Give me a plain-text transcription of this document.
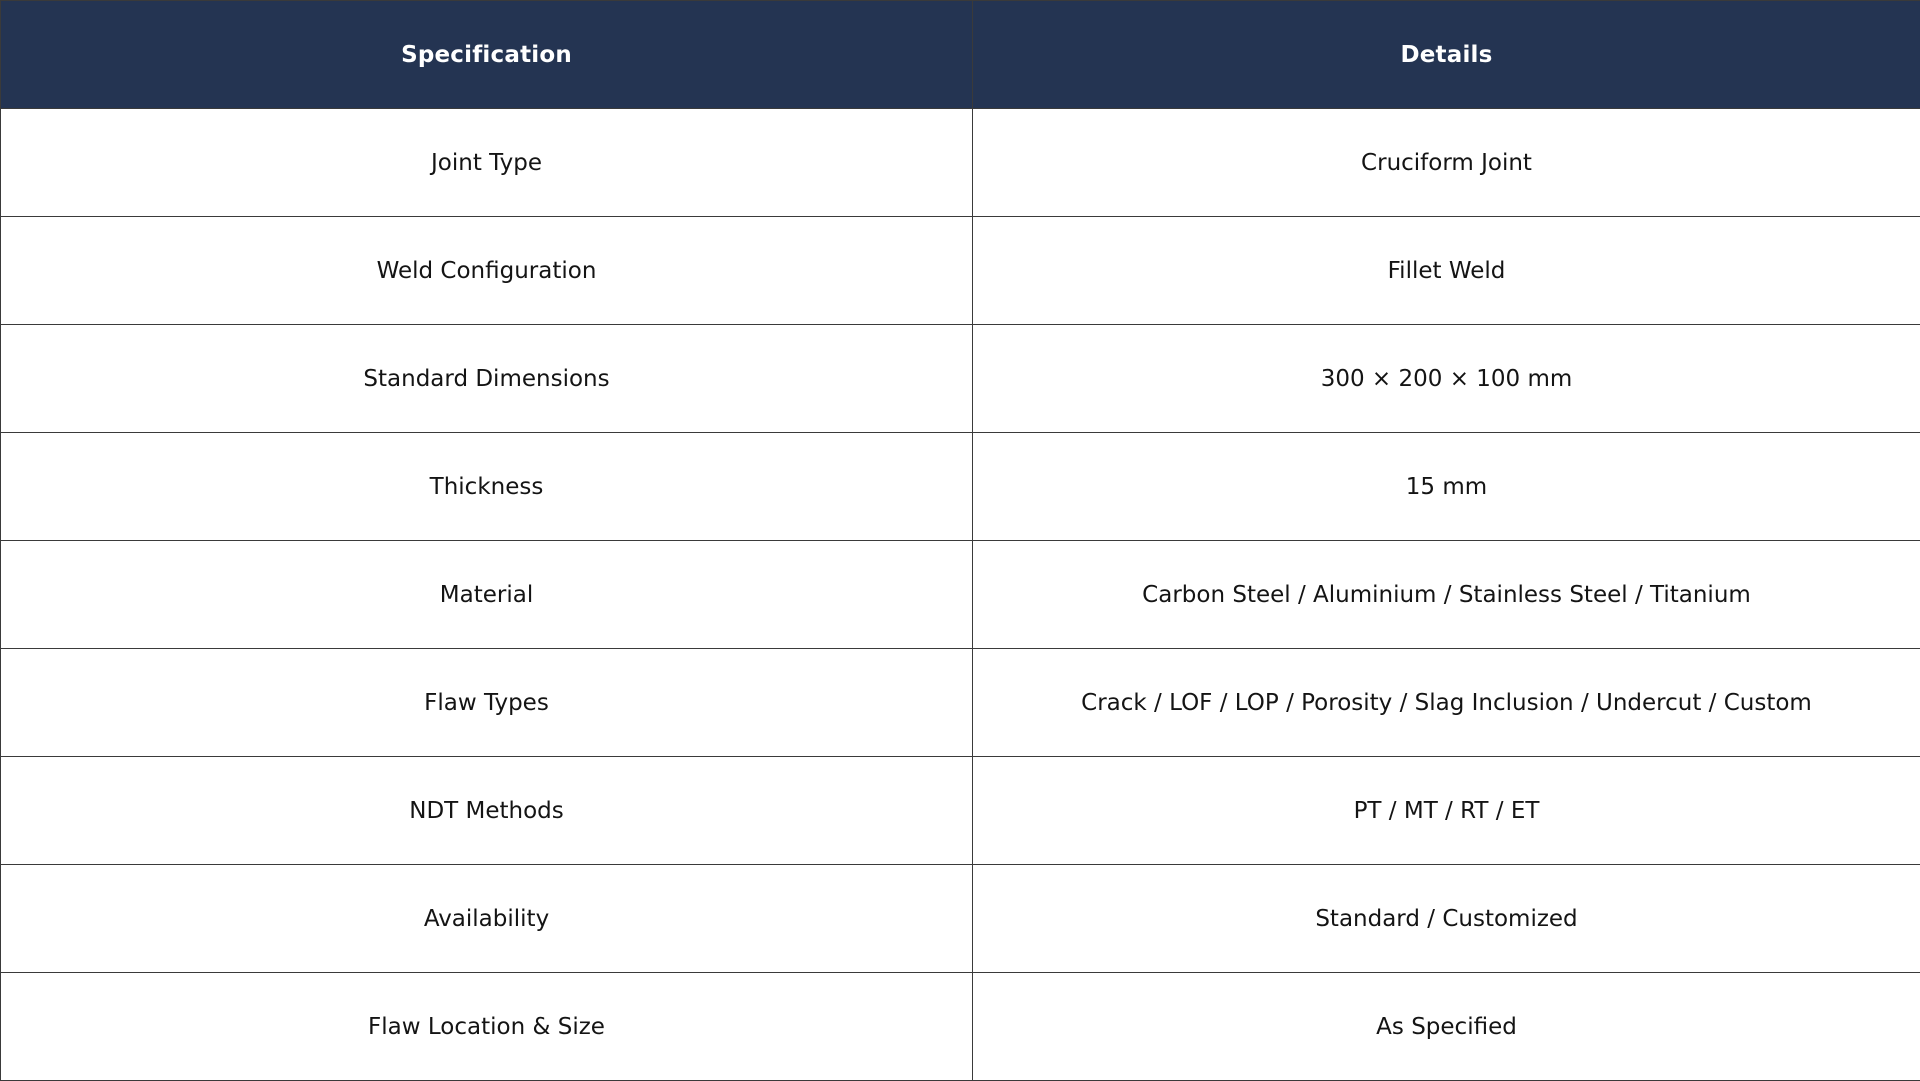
Specification	Details
Joint Type	Cruciform Joint
Weld Configuration	Fillet Weld
Standard Dimensions	300 × 200 × 100 mm
Thickness	15 mm
Material	Carbon Steel / Aluminium / Stainless Steel / Titanium
Flaw Types	Crack / LOF / LOP / Porosity / Slag Inclusion / Undercut / Custom
NDT Methods	PT / MT / RT / ET
Availability	Standard / Customized
Flaw Location & Size	As Specified
